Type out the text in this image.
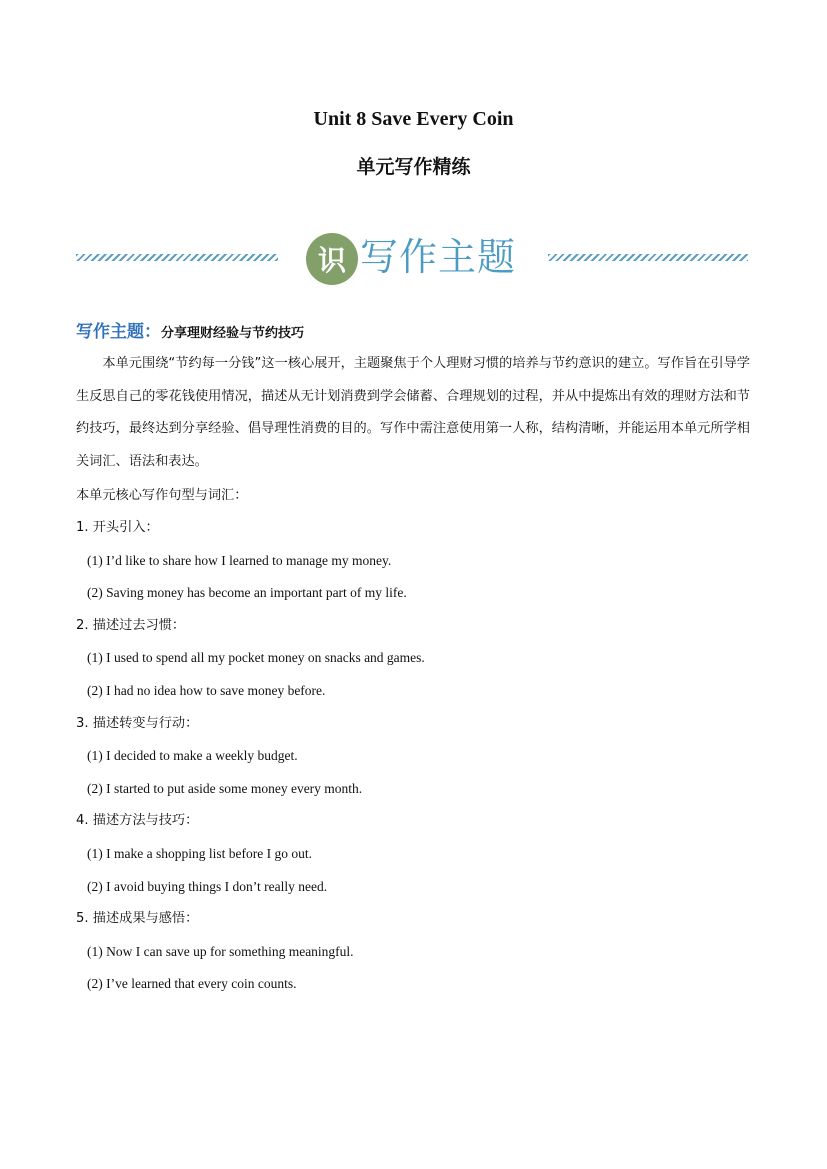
Unit 8 Save Every Coin
单元写作精练
识 写作主题
写作主题：分享理财经验与节约技巧

本单元围绕“节约每一分钱”这一核心展开，主题聚焦于个人理财习惯的培养与节约意识的建立。写作旨在引导学生反思自己的零花钱使用情况，描述从无计划消费到学会储蓄、合理规划的过程，并从中提炼出有效的理财方法和节约技巧，最终达到分享经验、倡导理性消费的目的。写作中需注意使用第一人称，结构清晰，并能运用本单元所学相关词汇、语法和表达。

本单元核心写作句型与词汇：
1. 开头引入：
(1) I’d like to share how I learned to manage my money.
(2) Saving money has become an important part of my life.
2. 描述过去习惯：
(1) I used to spend all my pocket money on snacks and games.
(2) I had no idea how to save money before.
3. 描述转变与行动：
(1) I decided to make a weekly budget.
(2) I started to put aside some money every month.
4. 描述方法与技巧：
(1) I make a shopping list before I go out.
(2) I avoid buying things I don’t really need.
5. 描述成果与感悟：
(1) Now I can save up for something meaningful.
(2) I’ve learned that every coin counts.
